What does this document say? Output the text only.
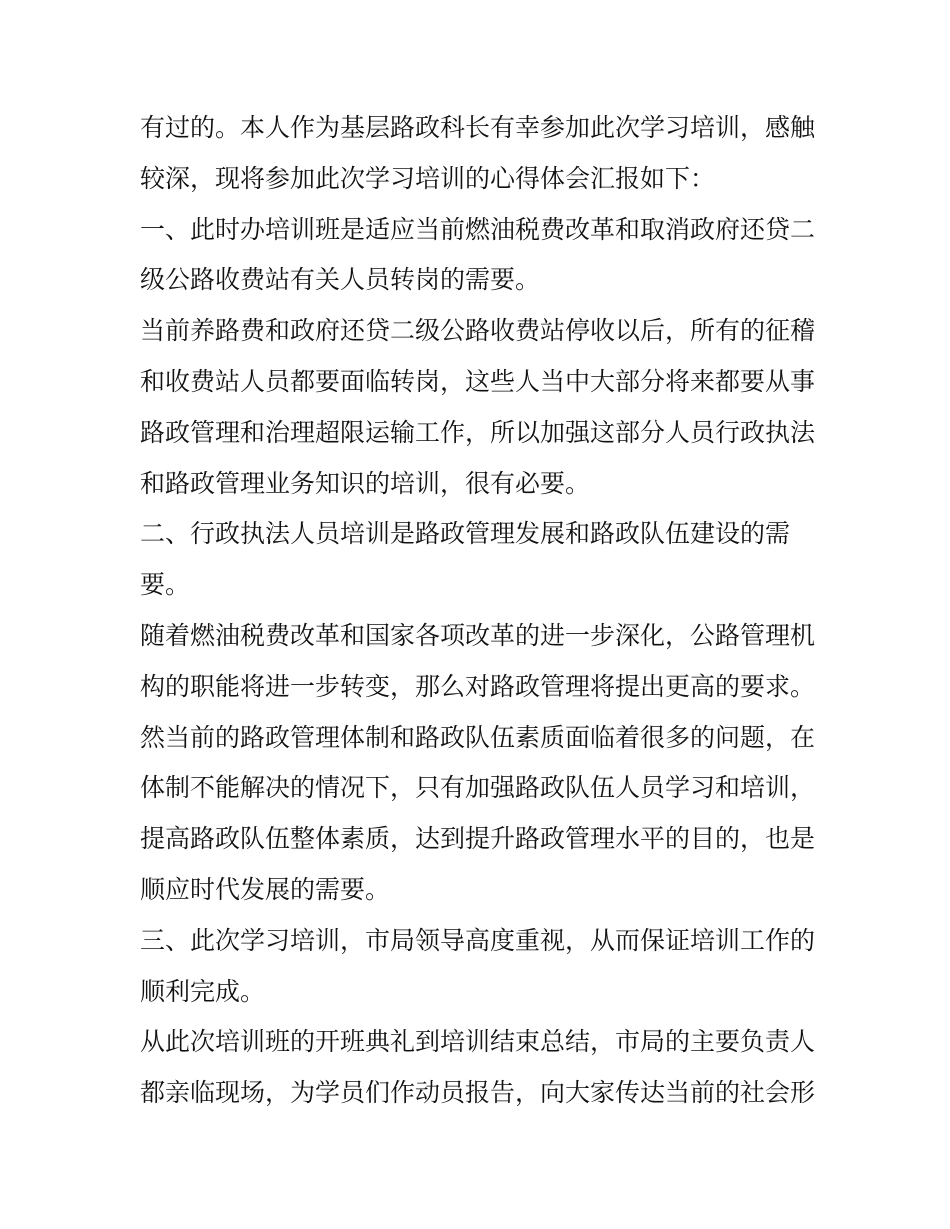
有过的。本人作为基层路政科长有幸参加此次学习培训，感触
较深，现将参加此次学习培训的心得体会汇报如下：
一、此时办培训班是适应当前燃油税费改革和取消政府还贷二
级公路收费站有关人员转岗的需要。
当前养路费和政府还贷二级公路收费站停收以后，所有的征稽
和收费站人员都要面临转岗，这些人当中大部分将来都要从事
路政管理和治理超限运输工作，所以加强这部分人员行政执法
和路政管理业务知识的培训，很有必要。
二、行政执法人员培训是路政管理发展和路政队伍建设的需
要。
随着燃油税费改革和国家各项改革的进一步深化，公路管理机
构的职能将进一步转变，那么对路政管理将提出更高的要求。
然当前的路政管理体制和路政队伍素质面临着很多的问题，在
体制不能解决的情况下，只有加强路政队伍人员学习和培训，
提高路政队伍整体素质，达到提升路政管理水平的目的，也是
顺应时代发展的需要。
三、此次学习培训，市局领导高度重视，从而保证培训工作的
顺利完成。
从此次培训班的开班典礼到培训结束总结，市局的主要负责人
都亲临现场，为学员们作动员报告，向大家传达当前的社会形
